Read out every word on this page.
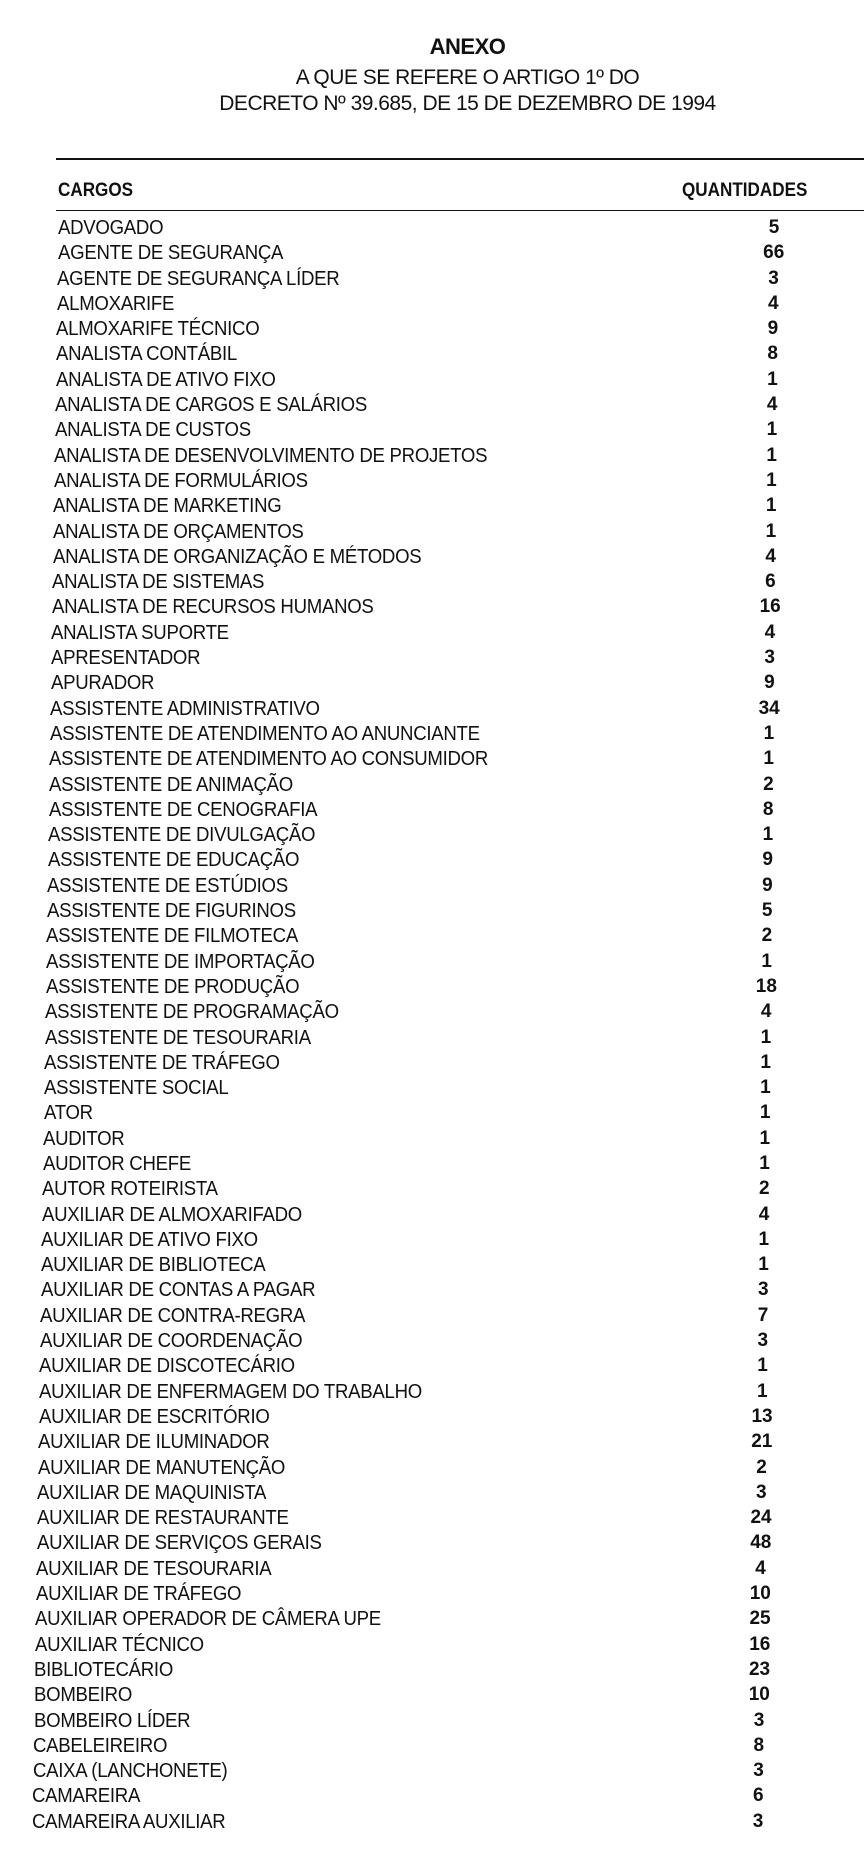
ANEXO
A QUE SE REFERE O ARTIGO 1º DO
DECRETO Nº 39.685, DE 15 DE DEZEMBRO DE 1994
CARGOS	QUANTIDADES
ADVOGADO	5
AGENTE DE SEGURANÇA	66
AGENTE DE SEGURANÇA LÍDER	3
ALMOXARIFE	4
ALMOXARIFE TÉCNICO	9
ANALISTA CONTÁBIL	8
ANALISTA DE ATIVO FIXO	1
ANALISTA DE CARGOS E SALÁRIOS	4
ANALISTA DE CUSTOS	1
ANALISTA DE DESENVOLVIMENTO DE PROJETOS	1
ANALISTA DE FORMULÁRIOS	1
ANALISTA DE MARKETING	1
ANALISTA DE ORÇAMENTOS	1
ANALISTA DE ORGANIZAÇÃO E MÉTODOS	4
ANALISTA DE SISTEMAS	6
ANALISTA DE RECURSOS HUMANOS	16
ANALISTA SUPORTE	4
APRESENTADOR	3
APURADOR	9
ASSISTENTE ADMINISTRATIVO	34
ASSISTENTE DE ATENDIMENTO AO ANUNCIANTE	1
ASSISTENTE DE ATENDIMENTO AO CONSUMIDOR	1
ASSISTENTE DE ANIMAÇÃO	2
ASSISTENTE DE CENOGRAFIA	8
ASSISTENTE DE DIVULGAÇÃO	1
ASSISTENTE DE EDUCAÇÃO	9
ASSISTENTE DE ESTÚDIOS	9
ASSISTENTE DE FIGURINOS	5
ASSISTENTE DE FILMOTECA	2
ASSISTENTE DE IMPORTAÇÃO	1
ASSISTENTE DE PRODUÇÃO	18
ASSISTENTE DE PROGRAMAÇÃO	4
ASSISTENTE DE TESOURARIA	1
ASSISTENTE DE TRÁFEGO	1
ASSISTENTE SOCIAL	1
ATOR	1
AUDITOR	1
AUDITOR CHEFE	1
AUTOR ROTEIRISTA	2
AUXILIAR DE ALMOXARIFADO	4
AUXILIAR DE ATIVO FIXO	1
AUXILIAR DE BIBLIOTECA	1
AUXILIAR DE CONTAS A PAGAR	3
AUXILIAR DE CONTRA-REGRA	7
AUXILIAR DE COORDENAÇÃO	3
AUXILIAR DE DISCOTECÁRIO	1
AUXILIAR DE ENFERMAGEM DO TRABALHO	1
AUXILIAR DE ESCRITÓRIO	13
AUXILIAR DE ILUMINADOR	21
AUXILIAR DE MANUTENÇÃO	2
AUXILIAR DE MAQUINISTA	3
AUXILIAR DE RESTAURANTE	24
AUXILIAR DE SERVIÇOS GERAIS	48
AUXILIAR DE TESOURARIA	4
AUXILIAR DE TRÁFEGO	10
AUXILIAR OPERADOR DE CÂMERA UPE	25
AUXILIAR TÉCNICO	16
BIBLIOTECÁRIO	23
BOMBEIRO	10
BOMBEIRO LÍDER	3
CABELEIREIRO	8
CAIXA (LANCHONETE)	3
CAMAREIRA	6
CAMAREIRA AUXILIAR	3
